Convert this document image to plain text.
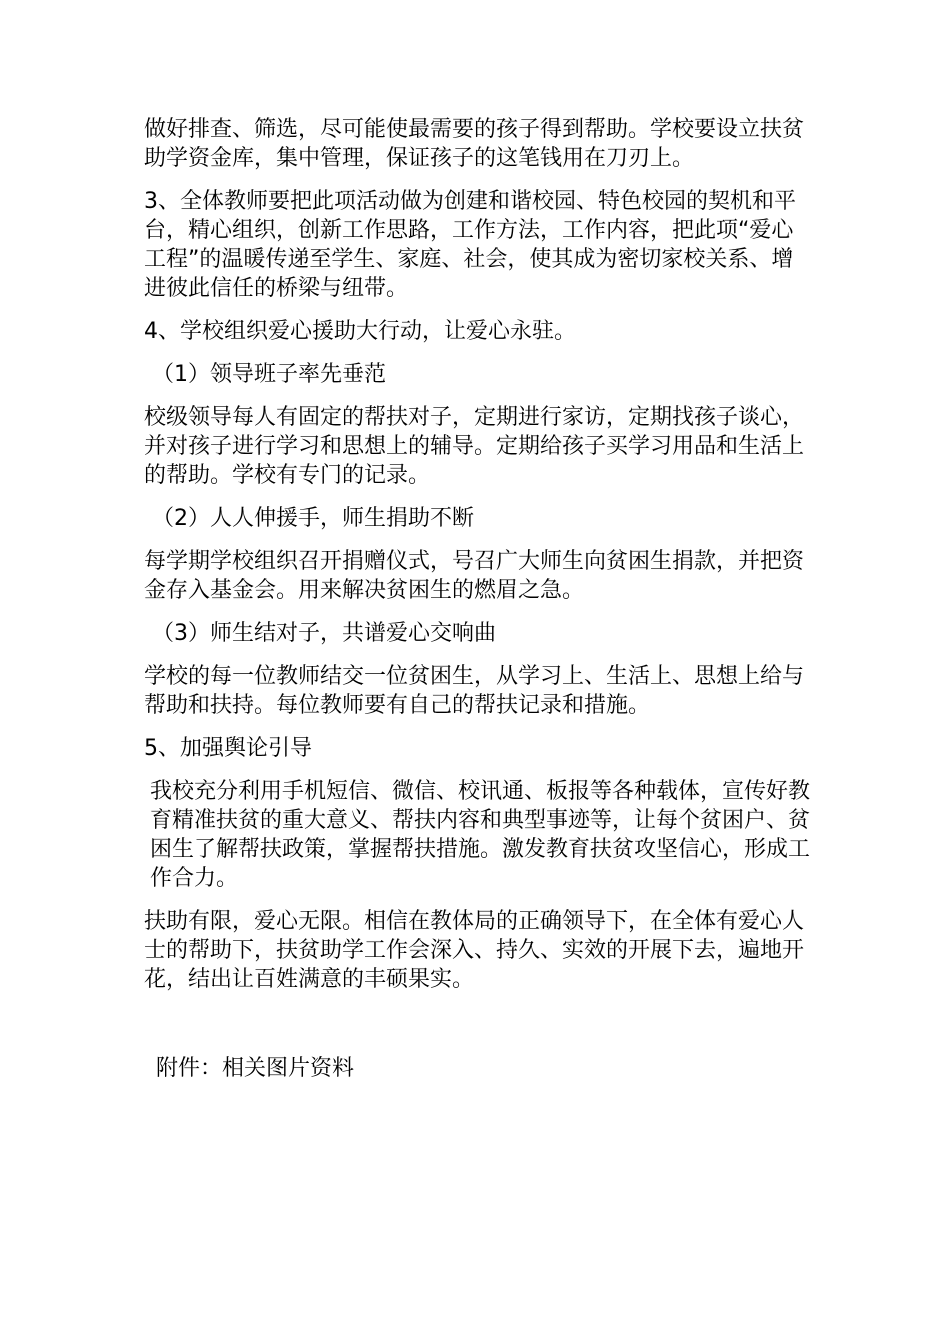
做好排查、筛选，尽可能使最需要的孩子得到帮助。学校要设立扶贫助学资金库，集中管理，保证孩子的这笔钱用在刀刃上。

3、全体教师要把此项活动做为创建和谐校园、特色校园的契机和平台，精心组织，创新工作思路，工作方法，工作内容，把此项“爱心工程”的温暖传递至学生、家庭、社会，使其成为密切家校关系、增进彼此信任的桥梁与纽带。

4、学校组织爱心援助大行动，让爱心永驻。

（1）领导班子率先垂范

校级领导每人有固定的帮扶对子，定期进行家访，定期找孩子谈心，并对孩子进行学习和思想上的辅导。定期给孩子买学习用品和生活上的帮助。学校有专门的记录。

（2）人人伸援手，师生捐助不断

每学期学校组织召开捐赠仪式，号召广大师生向贫困生捐款，并把资金存入基金会。用来解决贫困生的燃眉之急。

（3）师生结对子，共谱爱心交响曲

学校的每一位教师结交一位贫困生，从学习上、生活上、思想上给与帮助和扶持。每位教师要有自己的帮扶记录和措施。

5、加强舆论引导

我校充分利用手机短信、微信、校讯通、板报等各种载体，宣传好教育精准扶贫的重大意义、帮扶内容和典型事迹等，让每个贫困户、贫困生了解帮扶政策，掌握帮扶措施。激发教育扶贫攻坚信心，形成工作合力。

扶助有限，爱心无限。相信在教体局的正确领导下，在全体有爱心人士的帮助下，扶贫助学工作会深入、持久、实效的开展下去，遍地开花，结出让百姓满意的丰硕果实。

附件：相关图片资料
